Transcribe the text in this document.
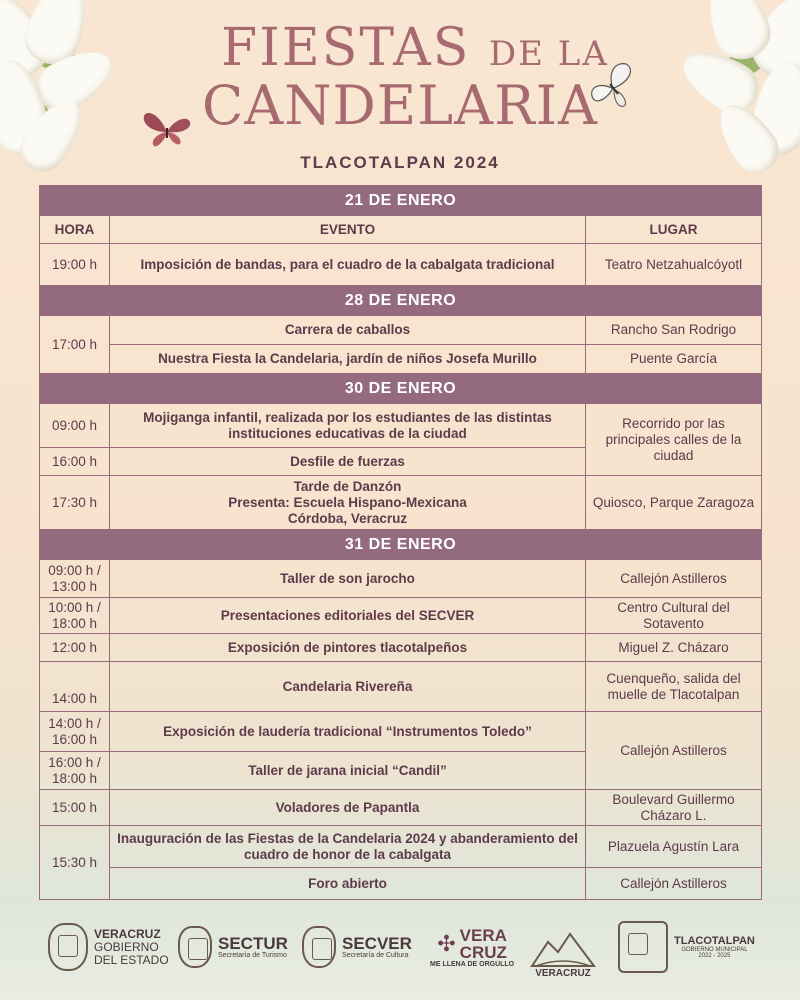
FIESTAS DE LA
CANDELARIA
TLACOTALPAN 2024
21 DE ENERO		
HORA	EVENTO	LUGAR
19:00 h	Imposición de bandas, para el cuadro de la cabalgata tradicional	Teatro Netzahualcóyotl
28 DE ENERO		
17:00 h	Carrera de caballos	Rancho San Rodrigo
	Nuestra Fiesta la Candelaria, jardín de niños Josefa Murillo	Puente García
30 DE ENERO		
09:00 h	Mojiganga infantil, realizada por los estudiantes de las distintas instituciones educativas de la ciudad	Recorrido por las principales calles de la ciudad
16:00 h	Desfile de fuerzas	
17:30 h	Tarde de Danzón
Presenta: Escuela Hispano-Mexicana
Córdoba, Veracruz	Quiosco, Parque Zaragoza
31 DE ENERO		
09:00 h / 13:00 h	Taller de son jarocho	Callejón Astilleros
10:00 h / 18:00 h	Presentaciones editoriales del SECVER	Centro Cultural del Sotavento
12:00 h	Exposición de pintores tlacotalpeños	Miguel Z. Cházaro
14:00 h	Candelaria Rivereña	Cuenqueño, salida del muelle de Tlacotalpan
14:00 h / 16:00 h	Exposición de laudería tradicional “Instrumentos Toledo”	Callejón Astilleros
16:00 h / 18:00 h	Taller de jarana inicial “Candil”	
15:00 h	Voladores de Papantla	Boulevard Guillermo Cházaro L.
15:30 h	Inauguración de las Fiestas de la Candelaria 2024 y abanderamiento del cuadro de honor de la cabalgata	Plazuela Agustín Lara
	Foro abierto	Callejón Astilleros
VERACRUZ
GOBIERNO
DEL ESTADO
SECTUR
Secretaría de Turismo
SECVER
Secretaría de Cultura ✣ VERA
CRUZ
ME LLENA DE ORGULLO
VERACRUZ
TLACOTALPAN
GOBIERNO MUNICIPAL
2022 - 2025
